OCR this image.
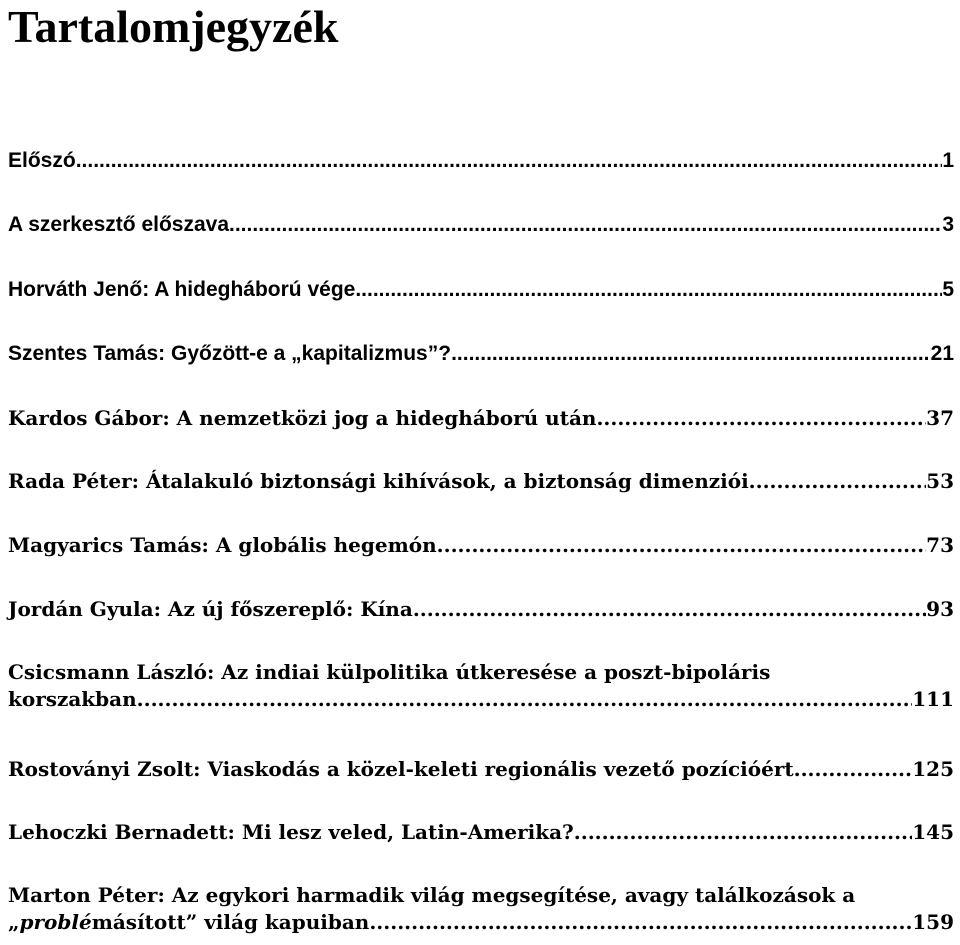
Tartalomjegyzék
Előszó .....	1
A szerkesztő előszava .....	3
Horváth Jenő: A hidegháború vége .....	5
Szentes Tamás: Győzött-e a „kapitalizmus”? .....	21
Kardos Gábor: A nemzetközi jog a hidegháború után .....	37
Rada Péter: Átalakuló biztonsági kihívások, a biztonság dimenziói .....	53
Magyarics Tamás: A globális hegemón .....	73
Jordán Gyula: Az új főszereplő: Kína .....	93
Csicsmann László: Az indiai külpolitika útkeresése a poszt-bipoláris
korszakban .....	111
Rostoványi Zsolt: Viaskodás a közel-keleti regionális vezető pozícióért .....	125
Lehoczki Bernadett: Mi lesz veled, Latin-Amerika? .....	145
Marton Péter: Az egykori harmadik világ megsegítése, avagy találkozások a
„problémásított” világ kapuiban .....	159
